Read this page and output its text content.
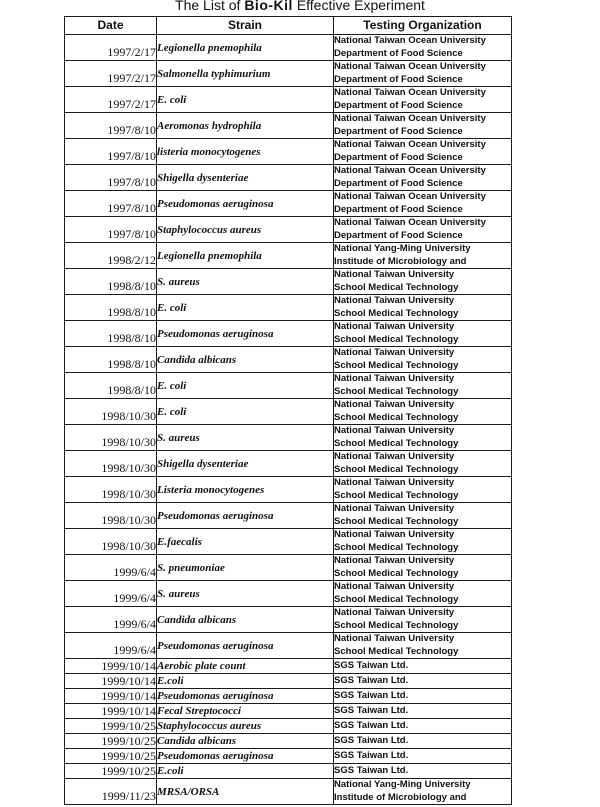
The List of Bio-Kil Effective Experiment
Date	Strain	Testing Organization
1997/2/17	Legionella pnemophila	National Taiwan Ocean University
Department of Food Science

1997/2/17	Salmonella typhimurium	National Taiwan Ocean University
Department of Food Science

1997/2/17	E. coli	National Taiwan Ocean University
Department of Food Science

1997/8/10	Aeromonas hydrophila	National Taiwan Ocean University
Department of Food Science

1997/8/10	listeria monocytogenes	National Taiwan Ocean University
Department of Food Science

1997/8/10	Shigella dysenteriae	National Taiwan Ocean University
Department of Food Science

1997/8/10	Pseudomonas aeruginosa	National Taiwan Ocean University
Department of Food Science

1997/8/10	Staphylococcus aureus	National Taiwan Ocean University
Department of Food Science

1998/2/12	Legionella pnemophila	National Yang-Ming University
Institude of Microbiology and

1998/8/10	S. aureus	National Taiwan University
School Medical Technology

1998/8/10	E. coli	National Taiwan University
School Medical Technology

1998/8/10	Pseudomonas aeruginosa	National Taiwan University
School Medical Technology

1998/8/10	Candida albicans	National Taiwan University
School Medical Technology

1998/8/10	E. coli	National Taiwan University
School Medical Technology

1998/10/30	E. coli	National Taiwan University
School Medical Technology

1998/10/30	S. aureus	National Taiwan University
School Medical Technology

1998/10/30	Shigella dysenteriae	National Taiwan University
School Medical Technology

1998/10/30	Listeria monocytogenes	National Taiwan University
School Medical Technology

1998/10/30	Pseudomonas aeruginosa	National Taiwan University
School Medical Technology

1998/10/30	E.faecalis	National Taiwan University
School Medical Technology

1999/6/4	S. pneumoniae	National Taiwan University
School Medical Technology

1999/6/4	S. aureus	National Taiwan University
School Medical Technology

1999/6/4	Candida albicans	National Taiwan University
School Medical Technology

1999/6/4	Pseudomonas aeruginosa	National Taiwan University
School Medical Technology

1999/10/14	Aerobic plate count	SGS Taiwan Ltd.

1999/10/14	E.coli	SGS Taiwan Ltd.

1999/10/14	Pseudomonas aeruginosa	SGS Taiwan Ltd.

1999/10/14	Fecal Streptococci	SGS Taiwan Ltd.

1999/10/25	Staphylococcus aureus	SGS Taiwan Ltd.

1999/10/25	Candida albicans	SGS Taiwan Ltd.

1999/10/25	Pseudomonas aeruginosa	SGS Taiwan Ltd.

1999/10/25	E.coli	SGS Taiwan Ltd.

1999/11/23	MRSA/ORSA	National Yang-Ming University
Institude of Microbiology and
